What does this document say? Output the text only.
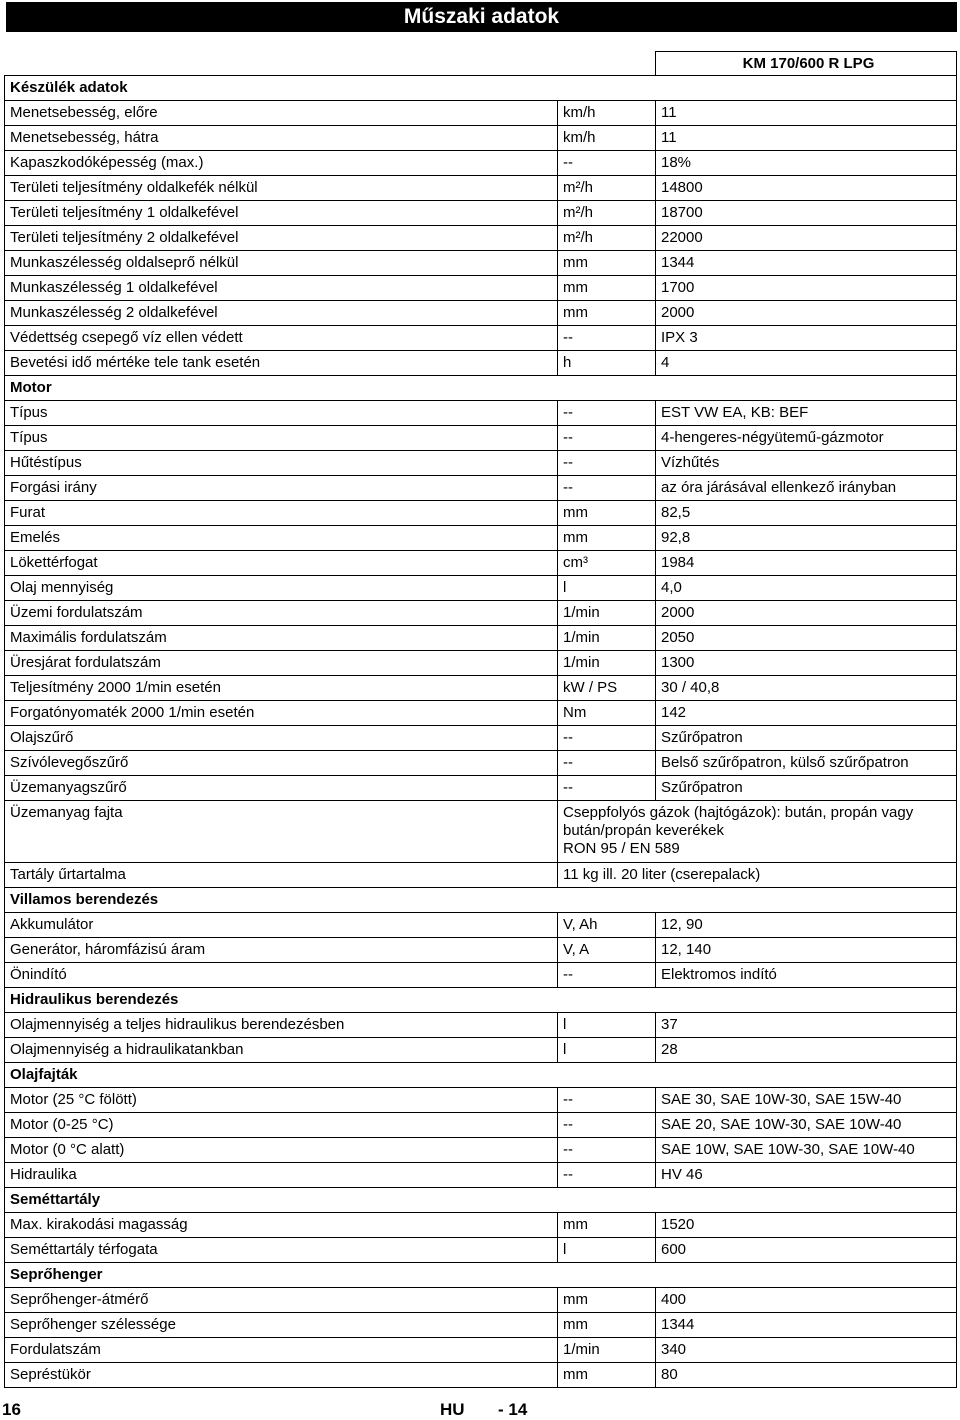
Műszaki adatok
		KM 170/600 R LPG
Készülék adatok		
Menetsebesség, előre	km/h	11
Menetsebesség, hátra	km/h	11
Kapaszkodóképesség (max.)	--	18%
Területi teljesítmény oldalkefék nélkül	m²/h	14800
Területi teljesítmény 1 oldalkefével	m²/h	18700
Területi teljesítmény 2 oldalkefével	m²/h	22000
Munkaszélesség oldalseprő nélkül	mm	1344
Munkaszélesség 1 oldalkefével	mm	1700
Munkaszélesség 2 oldalkefével	mm	2000
Védettség csepegő víz ellen védett	--	IPX 3
Bevetési idő mértéke tele tank esetén	h	4
Motor		
Típus	--	EST VW EA, KB: BEF
Típus	--	4-hengeres-négyütemű-gázmotor
Hűtéstípus	--	Vízhűtés
Forgási irány	--	az óra járásával ellenkező irányban
Furat	mm	82,5
Emelés	mm	92,8
Lökettérfogat	cm³	1984
Olaj mennyiség	l	4,0
Üzemi fordulatszám	1/min	2000
Maximális fordulatszám	1/min	2050
Üresjárat fordulatszám	1/min	1300
Teljesítmény 2000 1/min esetén	kW / PS	30 / 40,8
Forgatónyomaték 2000 1/min esetén	Nm	142
Olajszűrő	--	Szűrőpatron
Szívólevegőszűrő	--	Belső szűrőpatron, külső szűrőpatron
Üzemanyagszűrő	--	Szűrőpatron
Üzemanyag fajta	Cseppfolyós gázok (hajtógázok): bután, propán vagy bután/propán keverékek
RON 95 / EN 589	

Tartály űrtartalma	11 kg ill. 20 liter (cserepalack)	
Villamos berendezés		
Akkumulátor	V, Ah	12, 90
Generátor, háromfázisú áram	V, A	12, 140
Önindító	--	Elektromos indító
Hidraulikus berendezés		
Olajmennyiség a teljes hidraulikus berendezésben	l	37
Olajmennyiség a hidraulikatankban	l	28
Olajfajták		
Motor (25 °C fölött)	--	SAE 30, SAE 10W-30, SAE 15W-40
Motor (0-25 °C)	--	SAE 20, SAE 10W-30, SAE 10W-40
Motor (0 °C alatt)	--	SAE 10W, SAE 10W-30, SAE 10W-40
Hidraulika	--	HV 46
Seméttartály		
Max. kirakodási magasság	mm	1520
Seméttartály térfogata	l	600
Seprőhenger		
Seprőhenger-átmérő	mm	400
Seprőhenger szélessége	mm	1344
Fordulatszám	1/min	340
Sepréstükör	mm	80
16	HU - 14
